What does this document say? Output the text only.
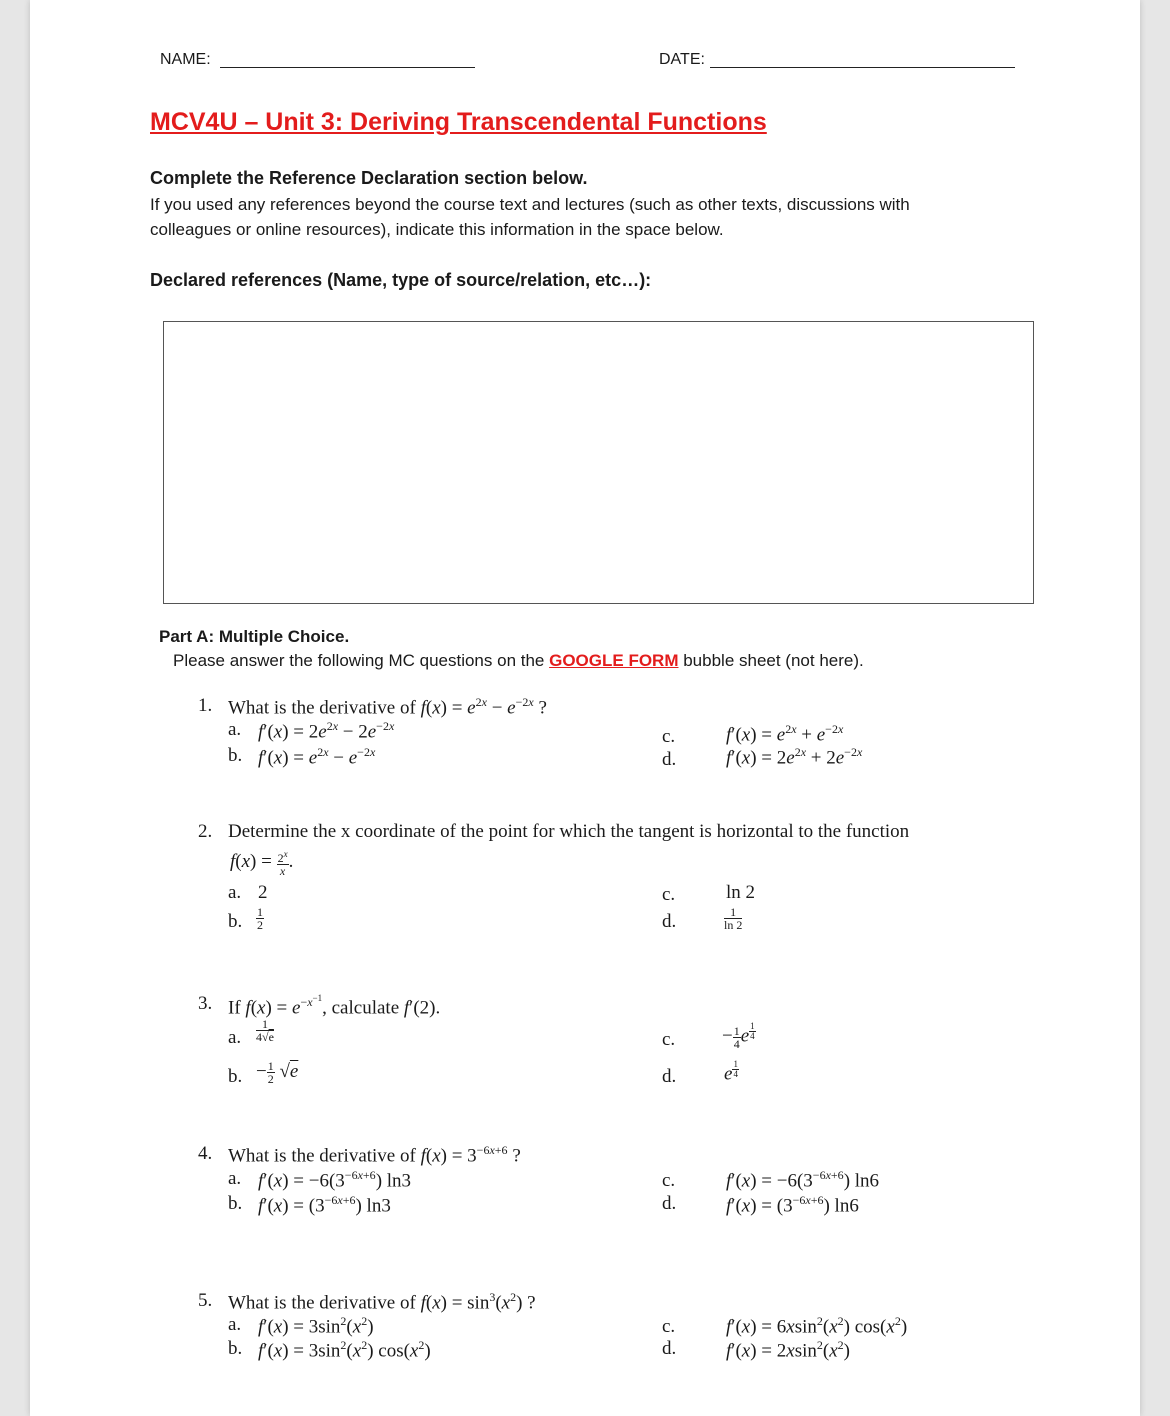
NAME:	DATE:
MCV4U – Unit 3: Deriving Transcendental Functions
Complete the Reference Declaration section below.
If you used any references beyond the course text and lectures (such as other texts, discussions with
colleagues or online resources), indicate this information in the space below.
Declared references (Name, type of source/relation, etc…):
Part A: Multiple Choice.
Please answer the following MC questions on the GOOGLE FORM bubble sheet (not here).
1. What is the derivative of $f(x) = e^{2x} - e^{-2x}$ ?
a. $f'(x) = 2e^{2x} - 2e^{-2x}$
b. $f'(x) = e^{2x} - e^{-2x}$
c.	$f'(x) = e^{2x} + e^{-2x}$
d.	$f'(x) = 2e^{2x} + 2e^{-2x}$
2. Determine the x coordinate of the point for which the tangent is horizontal to the function
$f(x) = \frac{2^x}{x}$ .
a. 2
b. $\frac{1}{2}$
c.	ln 2
d.	$\frac{1}{\ln 2}$
3. If $f(x) = e^{-x^{-1}}$, calculate f′(2).
a. $\frac{1}{4√e}$
b. − $\frac{1}{2} √e$
c. − $\frac{1}{4}$ e $^{\frac{1}{4}}$
d.	e $^{\frac{1}{4}}$
4. What is the derivative of $f(x) = 3^{-6x+6}$ ?
a. $f'(x) = -6(3^{-6x+6})$ ln3
b. $f'(x) = (3^{-6x+6})$ ln3
c.	$f'(x) = -6(3^{-6x+6})$ ln6
d.	$f'(x) = (3^{-6x+6})$ ln6
5. What is the derivative of $f(x) = \sin^3(x^2)$ ?
a. $f'(x) = 3\sin^2(x^2)$
b. $f'(x) = 3\sin^2(x^2)$ $\cos(x^2)$
c.	$f'(x) = 6xsin^2(x^2)$ $\cos(x^2)$
d.	$f'(x) = 2xsin^2(x^2)$
